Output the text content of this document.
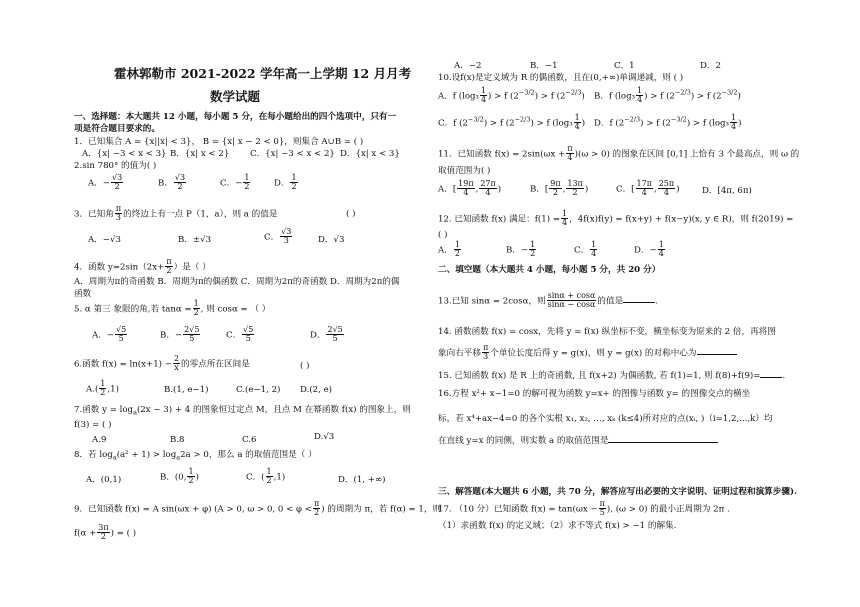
霍林郭勒市 2021-2022 学年高一上学期 12 月月考
数学试题
一、选择题：本大题共 12 小题，每小题 5 分，在每小题给出的四个选项中，只有一
项是符合题目要求的。
1．已知集合 A = {x||x| < 3}， B = {x| x − 2 < 0}，则集合 A∪B = ( )
A．{x| −3 < x < 3} B．{x| x < 2} C．{x| −3 < x < 2} D．{x| x < 3}
2.sin 780° 的值为( )
A．− $\frac{√3}{2}$	B． $\frac{√3}{2}$	C．− $\frac{1}{2}$	D． $\frac{1}{2}$
3．已知角 $\frac{\pi}{3}$ 的终边上有一点 P（1，a），则 a 的值是	( )
A．−√3	B．±√3	C． $\frac{√3}{3}$	D．√3
4．函数 $y=2\sin(2x+ \frac{\pi}{2}$ ）是（ ）
A．周期为π的奇函数 B．周期为π的偶函数 C．周期为2π的奇函数 D．周期为2π的偶
函数
5. α 第三 象限的角,若 $\tan\alpha = \frac{1}{2}$ , 则 cosα = （ ）
A．− $\frac{√5}{5}$	B．− $\frac{2√5}{5}$	C． $\frac{√5}{5}$	D． $\frac{2√5}{5}$
6.函数 $f(x) = \ln(x+1) - \frac{2}{x}$ 的零点所在区间是	( )
$A.( \frac{1}{2} ,1)$	B.(1, e−1)	C.(e−1, 2) D.(2, e)
7.函数 $y = \log_a(2x - 3) + 4$ 的图象恒过定点 M，且点 M 在幂函数 f(x) 的图象上，则
f(3) = ( )
A.9	B.8	C.6	D.√3
8．若 $\log_a(a^2 + 1) > \log_a2a > 0$，那么 a 的取值范围是（ ）
A．(0,1)	B．(0, $\frac{1}{2}$ )	C．( $\frac{1}{2} ,1$)	D．(1, +∞)
9．已知函数 f(x) = A sin(ωx + φ) (A > 0, ω > 0, $0 < \varphi < \frac{\pi}{2}$ ) 的周期为 π，若 f(α) = 1，则
$f(\alpha + \frac{3\pi}{2}$ ) = ( )
A．−2	B．−1	C．1	D．2
10.设f(x)是定义域为 R 的偶函数，且在(0,+∞)单调递减，则 ( )
A．f ($\log_3 \frac{1}{4}$ ) > f $(2^{-3/2}) > f$ $(2^{-2/3})$ B．f ($\log_3 \frac{1}{4}$ ) > f $(2^{-2/3}) > f$ $(2^{-3/2})$
C．f $(2^{-3/2}) > f$ $(2^{-2/3}) > f$ ($\log_3 \frac{1}{4}$ ) D．f $(2^{-2/3}) > f$ $(2^{-3/2}) > f$ ($\log_3 \frac{1}{4}$ )
11．已知函数 $f(x) = 2\sin(\omega x + \frac{\pi}{4} )(\omega > 0)$ 的图象在区间 [0,1] 上恰有 3 个最高点，则 ω 的
取值范围为( )
A．[ $\frac{19\pi}{4}$ , $\frac{27\pi}{4}$ )	B．[ $\frac{9\pi}{2}$ , $\frac{13\pi}{2}$ )	C．[ $\frac{17\pi}{4}$ , $\frac{25\pi}{4}$ )	D．[4π, 6π)
12. 已知函数 f(x) 满足：$f(1) = \frac{1}{4}$ ，4f(x)f(y) = f(x+y) + f(x−y)(x, y ∈ R)，则 f(2019) =
( )
A． $\frac{1}{2}$	B．− $\frac{1}{2}$	C． $\frac{1}{4}$	D．− $\frac{1}{4}$
二、填空题（本大题共 4 小题，每小题 5 分，共 20 分）
13.已知 sinα = 2cosα，则 $\frac{\sin\alpha + \cos\alpha}{\sin\alpha - \cos\alpha}$ 的值是	.
14. 函数函数 f(x) = cosx，先将 y = f(x) 纵坐标不变，横坐标变为原来的 2 倍，再将图
象向右平移 $\frac{\pi}{3}$ 个单位长度后得 y = g(x)，则 y = g(x) 的对称中心为
15. 已知函数 f(x) 是 R 上的奇函数, 且 f(x+2) 为偶函数, 若 f(1)=1, 则 f(8)+f(9)=	.
16.方程 x²+ x−1=0 的解可视为函数 y=x+ 的图像与函数 y= 的图像交点的横坐
标，若 x⁴+ax−4=0 的各个实根 x₁, x₂, …, xₖ (k≤4)所对应的点(xᵢ, )（i=1,2,...,k）均
在直线 y=x 的同侧，则实数 a 的取值范围是
三、解答题(本大题共 6 小题，共 70 分，解答应写出必要的文字说明、证明过程和演算步骤).
17. （10 分）已知函数 $f(x) = \tan(\omega x - \frac{\pi}{5}$ ), (ω > 0) 的最小正周期为 2π .
（1）求函数 f(x) 的定义域；（2）求不等式 f(x) > −1 的解集.
